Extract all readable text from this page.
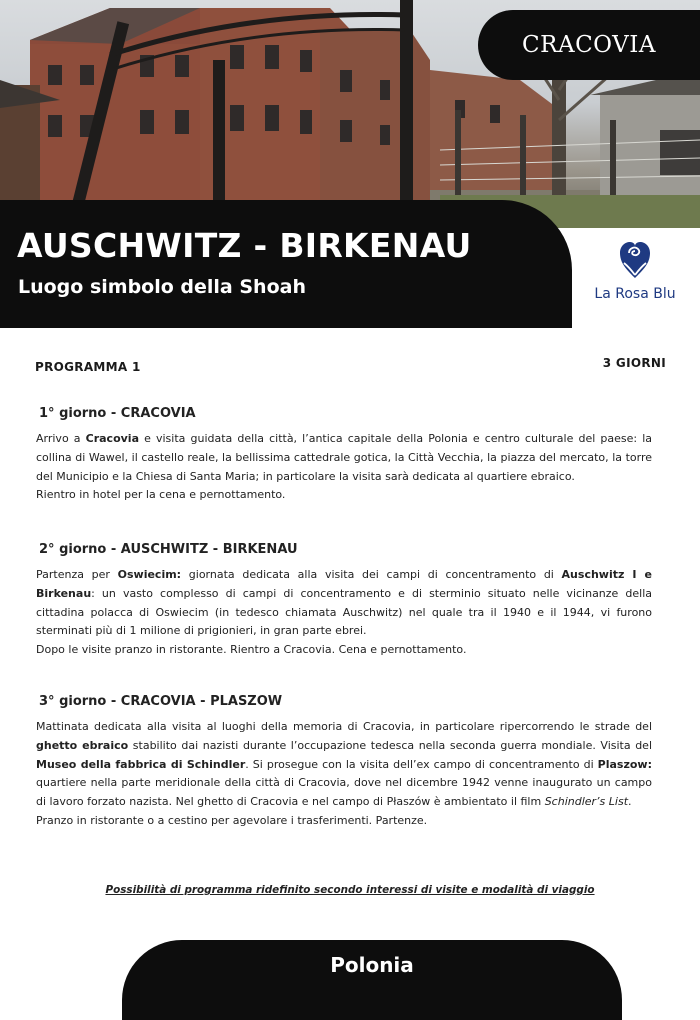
CRACOVIA
AUSCHWITZ - BIRKENAU
Luogo simbolo della Shoah	La Rosa Blu
PROGRAMMA 1	3 GIORNI
1° giorno - CRACOVIA

Arrivo a Cracovia e visita guidata della città, l’antica capitale della Polonia e centro culturale del paese: la collina di Wawel, il castello reale, la bellissima cattedrale gotica, la Città Vecchia, la piazza del mercato, la torre del Municipio e la Chiesa di Santa Maria; in particolare la visita sarà dedicata al quartiere ebraico.

Rientro in hotel per la cena e pernottamento.

2° giorno - AUSCHWITZ - BIRKENAU

Partenza per Oswiecim: giornata dedicata alla visita dei campi di concentramento di Auschwitz I e Birkenau: un vasto complesso di campi di concentramento e di sterminio situato nelle vicinanze della cittadina polacca di Oswiecim (in tedesco chiamata Auschwitz) nel quale tra il 1940 e il 1944, vi furono sterminati più di 1 milione di prigionieri, in gran parte ebrei.

Dopo le visite pranzo in ristorante. Rientro a Cracovia. Cena e pernottamento.

3° giorno - CRACOVIA - PLASZOW

Mattinata dedicata alla visita al luoghi della memoria di Cracovia, in particolare ripercorrendo le strade del ghetto ebraico stabilito dai nazisti durante l’occupazione tedesca nella seconda guerra mondiale. Visita del Museo della fabbrica di Schindler. Si prosegue con la visita dell’ex campo di concentramento di Plaszow: quartiere nella parte meridionale della città di Cracovia, dove nel dicembre 1942 venne inaugurato un campo di lavoro forzato nazista. Nel ghetto di Cracovia e nel campo di Płaszów è ambientato il film Schindler’s List.

Pranzo in ristorante o a cestino per agevolare i trasferimenti. Partenze.

Possibilità di programma ridefinito secondo interessi di visite e modalità di viaggio
Polonia
